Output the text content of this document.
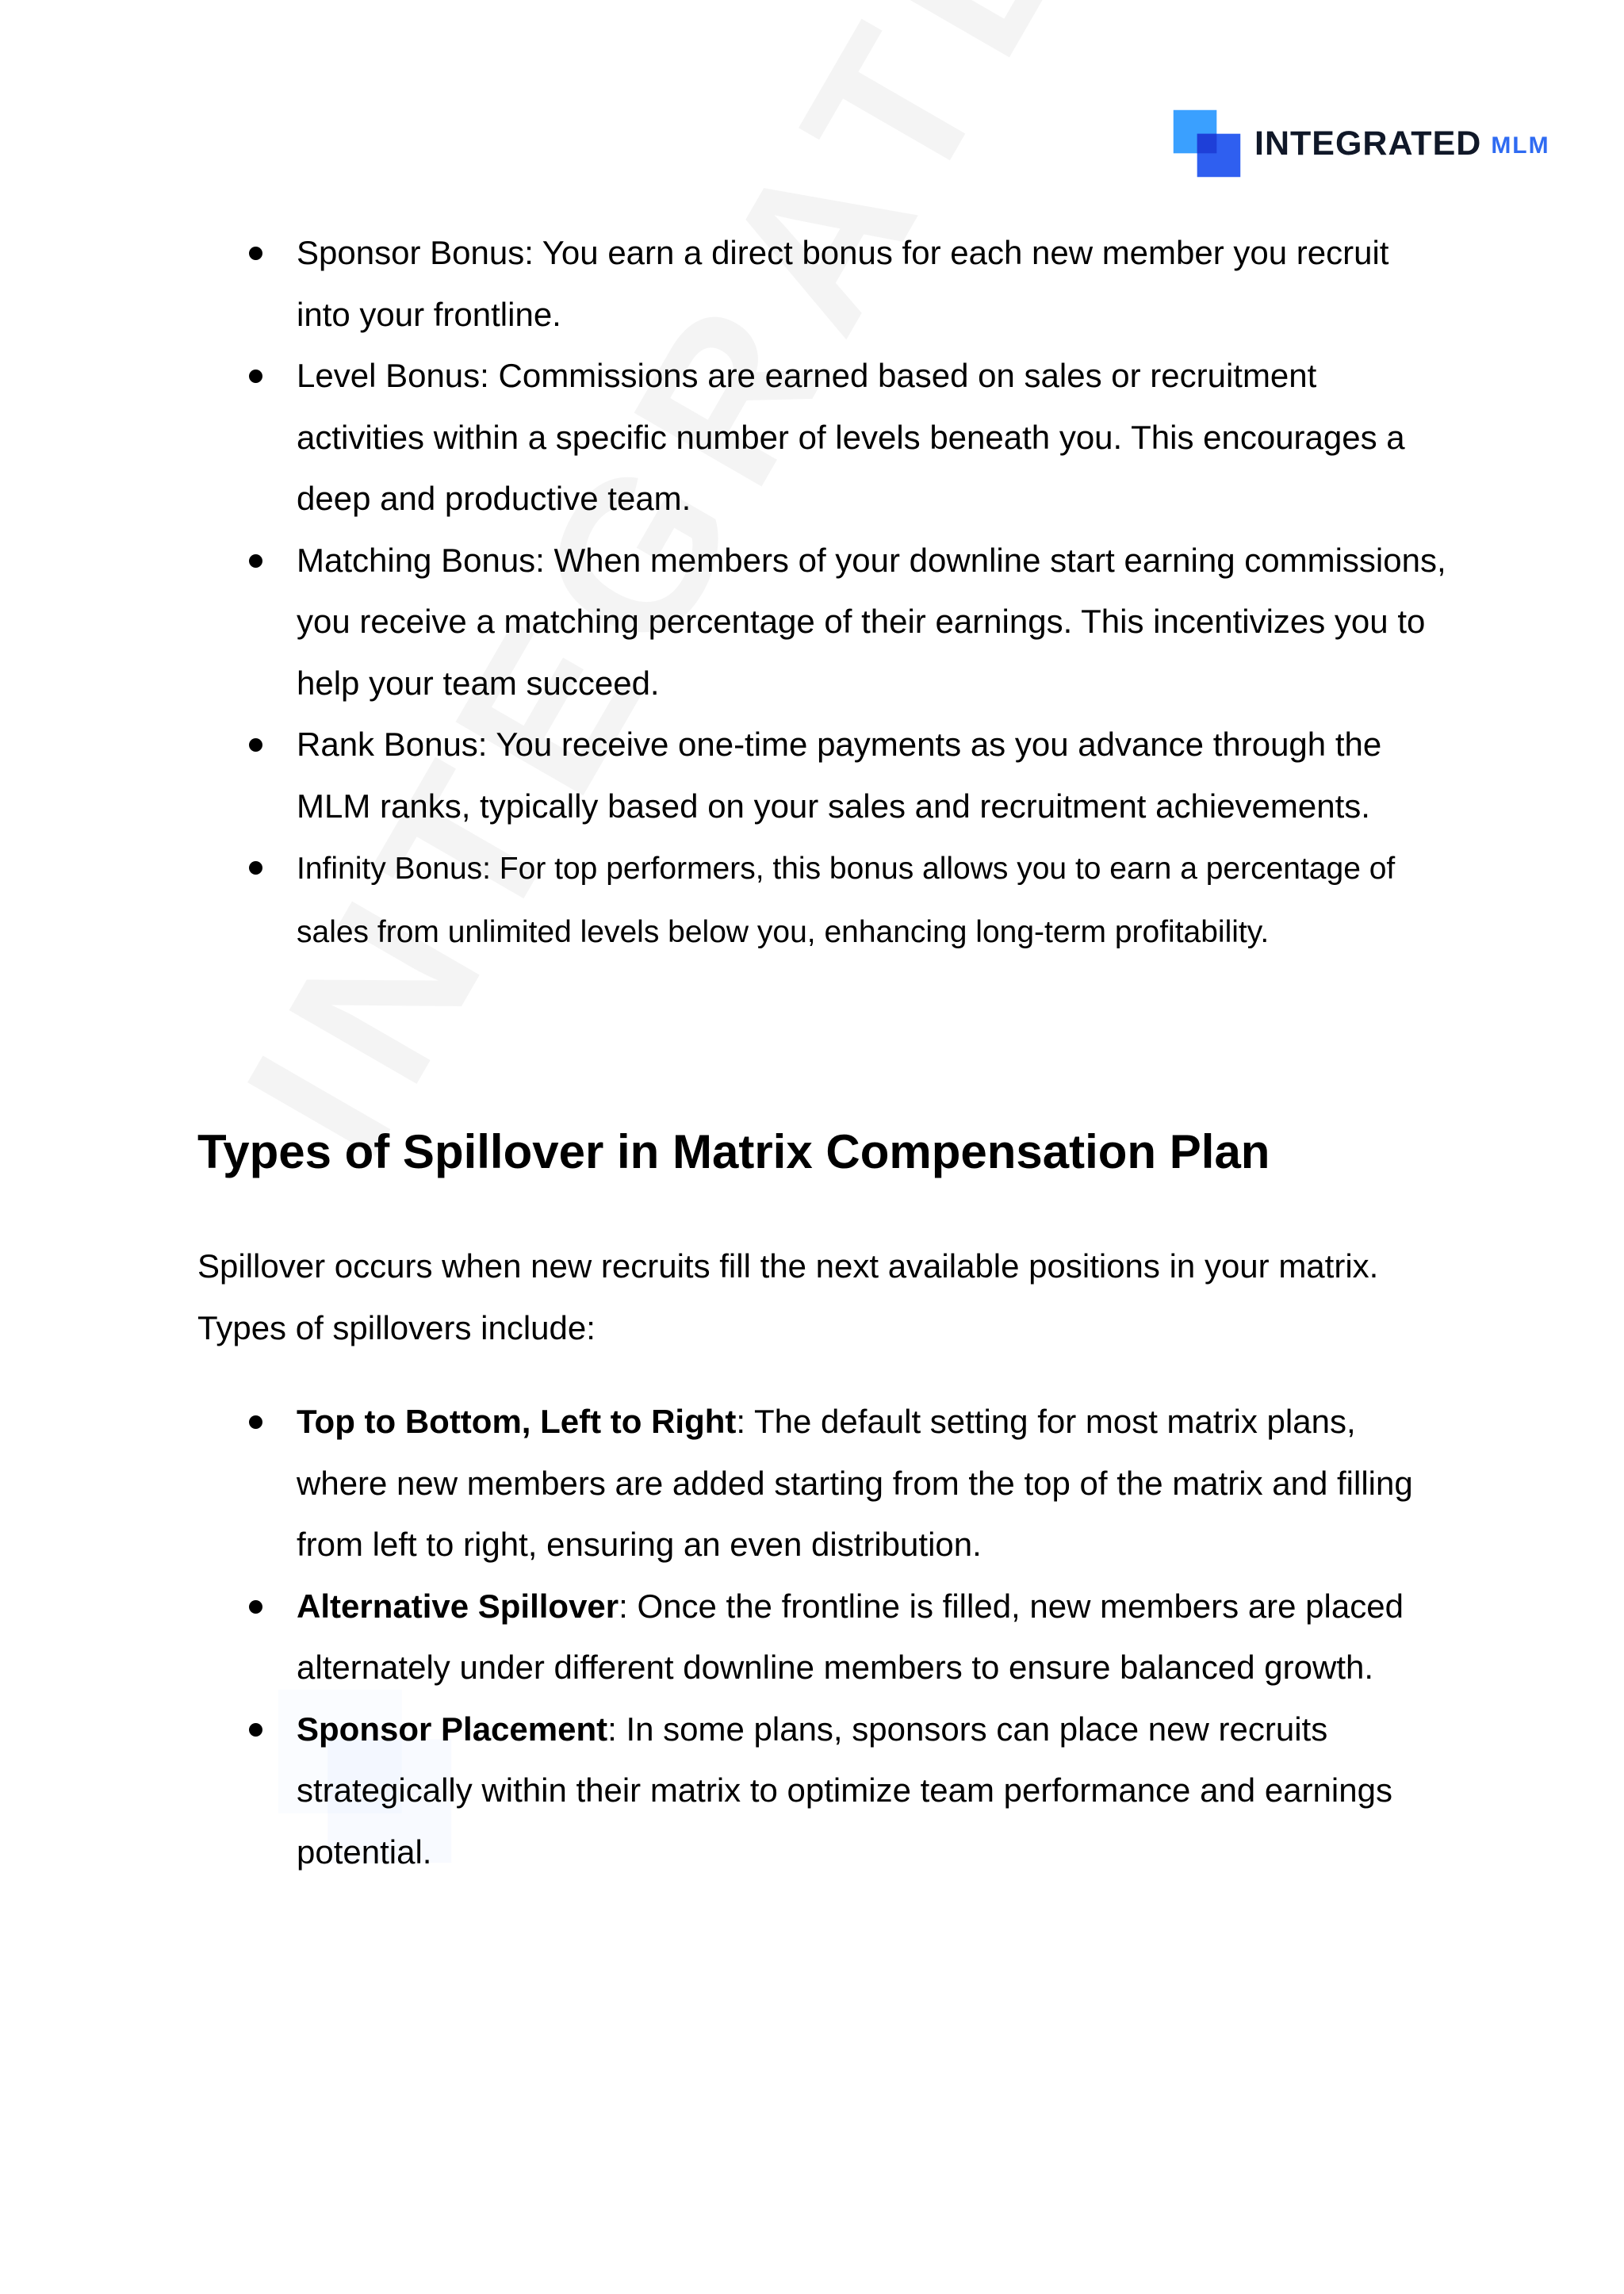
INTEGRATED MLM
Sponsor Bonus: You earn a direct bonus for each new member you recruit into your frontline.
Level Bonus: Commissions are earned based on sales or recruitment activities within a specific number of levels beneath you. This encourages a deep and productive team.
Matching Bonus: When members of your downline start earning commissions, you receive a matching percentage of their earnings. This incentivizes you to help your team succeed.
Rank Bonus: You receive one-time payments as you advance through the MLM ranks, typically based on your sales and recruitment achievements.
Infinity Bonus: For top performers, this bonus allows you to earn a percentage of sales from unlimited levels below you, enhancing long-term profitability.
Types of Spillover in Matrix Compensation Plan

Spillover occurs when new recruits fill the next available positions in your matrix. Types of spillovers include:

Top to Bottom, Left to Right: The default setting for most matrix plans, where new members are added starting from the top of the matrix and filling from left to right, ensuring an even distribution.
Alternative Spillover: Once the frontline is filled, new members are placed alternately under different downline members to ensure balanced growth.
Sponsor Placement: In some plans, sponsors can place new recruits strategically within their matrix to optimize team performance and earnings potential.
